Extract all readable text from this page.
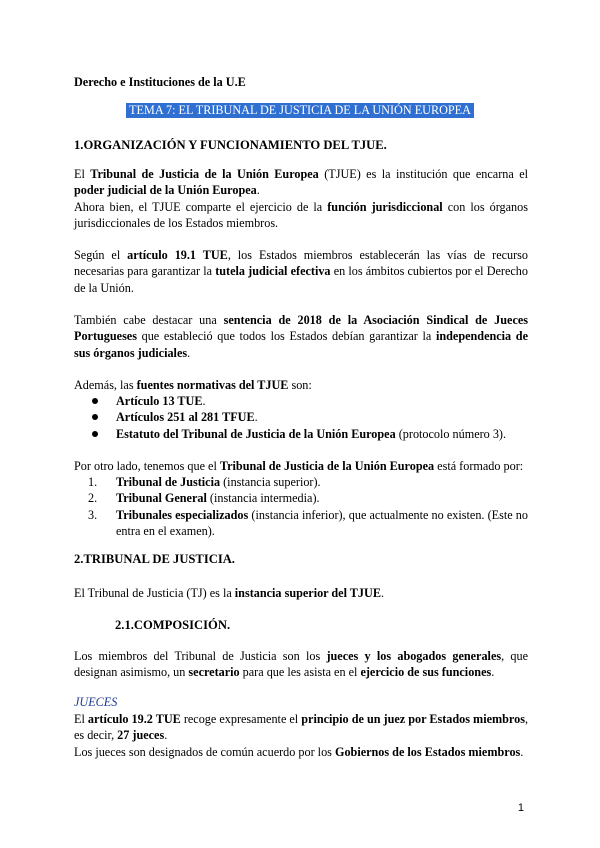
Derecho e Instituciones de la U.E

TEMA 7: EL TRIBUNAL DE JUSTICIA DE LA UNIÓN EUROPEA

1.ORGANIZACIÓN Y FUNCIONAMIENTO DEL TJUE.

El Tribunal de Justicia de la Unión Europea (TJUE) es la institución que encarna el poder judicial de la Unión Europea.
Ahora bien, el TJUE comparte el ejercicio de la función jurisdiccional con los órganos jurisdiccionales de los Estados miembros.

Según el artículo 19.1 TUE, los Estados miembros establecerán las vías de recurso necesarias para garantizar la tutela judicial efectiva en los ámbitos cubiertos por el Derecho de la Unión.

También cabe destacar una sentencia de 2018 de la Asociación Sindical de Jueces Portugueses que estableció que todos los Estados debían garantizar la independencia de sus órganos judiciales.

Además, las fuentes normativas del TJUE son:

Artículo 13 TUE.
Artículos 251 al 281 TFUE.
Estatuto del Tribunal de Justicia de la Unión Europea (protocolo número 3).

Por otro lado, tenemos que el Tribunal de Justicia de la Unión Europea está formado por:

1. Tribunal de Justicia (instancia superior).
2. Tribunal General (instancia intermedia).
3. Tribunales especializados (instancia inferior), que actualmente no existen. (Este no entra en el examen).

2.TRIBUNAL DE JUSTICIA.

El Tribunal de Justicia (TJ) es la instancia superior del TJUE.

2.1.COMPOSICIÓN.

Los miembros del Tribunal de Justicia son los jueces y los abogados generales, que designan asimismo, un secretario para que les asista en el ejercicio de sus funciones.

JUECES

El artículo 19.2 TUE recoge expresamente el principio de un juez por Estados miembros, es decir, 27 jueces.
Los jueces son designados de común acuerdo por los Gobiernos de los Estados miembros.

1
